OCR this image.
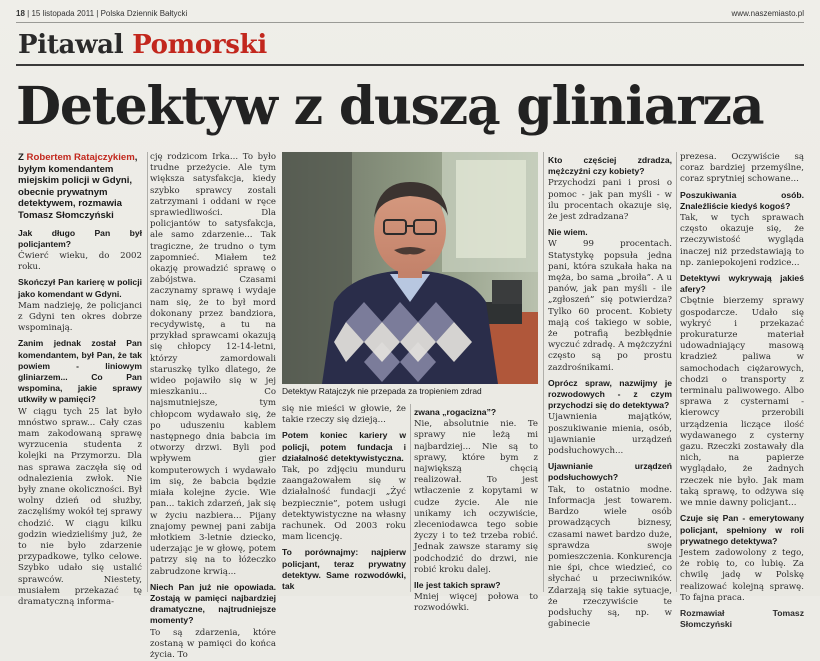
18 | 15 listopada 2011 | Polska Dziennik Bałtycki	www.naszemiasto.pl
Pitawal Pomorski
Detektyw z duszą gliniarza
Z Robertem Ratajczykiem, byłym komendantem miejskim policji w Gdyni, obecnie prywatnym detektywem, rozmawia Tomasz Słomczyński

Jak długo Pan był policjantem?

Ćwierć wieku, do 2002 roku.

Skończył Pan karierę w policji jako komendant w Gdyni.

Mam nadzieję, że policjanci z Gdyni ten okres dobrze wspominają.

Zanim jednak został Pan komendantem, był Pan, że tak powiem - liniowym gliniarzem... Co Pan wspomina, jakie sprawy utkwiły w pamięci?

W ciągu tych 25 lat było mnóstwo spraw... Cały czas mam zakodowaną sprawę wyrzucenia studenta z kolejki na Przymorzu. Dla nas sprawa zaczęła się od odnalezienia zwłok. Nie były znane okoliczności. Był wolny dzień od służby, zaczęliśmy wokół tej sprawy chodzić. W ciągu kilku godzin wiedzieliśmy już, że to nie było zdarzenie przypadkowe, tylko celowe. Szybko udało się ustalić sprawców. Niestety, musiałem przekazać tę dramatyczną informa-

cję rodzicom Irka... To było trudne przeżycie. Ale tym większa satysfakcja, kiedy szybko sprawcy zostali zatrzymani i oddani w ręce sprawiedliwości. Dla policjantów to satysfakcja, ale samo zdarzenie... Tak tragiczne, że trudno o tym zapomnieć. Miałem też okazję prowadzić sprawę o zabójstwa. Czasami zaczynamy sprawę i wydaje nam się, że to był mord dokonany przez bandziora, recydywistę, a tu na przykład sprawcami okazują się chłopcy 12-14-letni, którzy zamordowali staruszkę tylko dlatego, że wideo pojawiło się w jej mieszkaniu... Co najsmutniejsze, tym chłopcom wydawało się, że po uduszeniu kablem następnego dnia babcia im otworzy drzwi. Byli pod wpływem gier komputerowych i wydawało im się, że babcia będzie miała kolejne życie. Wie pan... takich zdarzeń, jak się w życiu nazbiera... Pijany znajomy pewnej pani zabija młotkiem 3-letnie dziecko, uderzając je w głowę, potem patrzy się na to łóżeczko zabrudzone krwią...

Niech Pan już nie opowiada. Zostają w pamięci najbardziej dramatyczne, najtrudniejsze momenty?

To są zdarzenia, które zostaną w pamięci do końca życia. To

Detektyw Ratajczyk nie przepada za tropieniem zdrad

się nie mieści w głowie, że takie rzeczy się dzieją...

Potem koniec kariery w policji, potem fundacja i działalność detektywistyczna.

Tak, po zdjęciu munduru zaangażowałem się w działalność fundacji „Żyć bezpiecznie”, potem usługi detektywistyczne na własny rachunek. Od 2003 roku mam licencję.

To porównajmy: najpierw policjant, teraz prywatny detektyw. Same rozwodówki, tak

zwana „rogacizna”?

Nie, absolutnie nie. Te sprawy nie leżą mi najbardziej... Nie są to sprawy, które bym z największą chęcią realizował. To jest wtłaczenie z kopytami w cudze życie. Ale nie unikamy ich oczywiście, zleceniodawca tego sobie życzy i to też trzeba robić. Jednak zawsze staramy się podchodzić do drzwi, nie robić kroku dalej.

Ile jest takich spraw?

Mniej więcej połowa to rozwodówki.

Kto częściej zdradza, mężczyźni czy kobiety?

Przychodzi pani i prosi o pomoc - jak pan myśli - w ilu procentach okazuje się, że jest zdradzana?

Nie wiem.

W 99 procentach. Statystykę popsuła jedna pani, która szukała haka na męża, bo sama „broiła”. A u panów, jak pan myśli - ile „zgłoszeń” się potwierdza? Tylko 60 procent. Kobiety mają coś takiego w sobie, że potrafią bezbłędnie wyczuć zdradę. A mężczyźni często są po prostu zazdrośnikami.

Oprócz spraw, nazwijmy je rozwodowych - z czym przychodzi się do detektywa?

Ujawnienia majątków, poszukiwanie mienia, osób, ujawnianie urządzeń podsłuchowych...

Ujawnianie urządzeń podsłuchowych?

Tak, to ostatnio modne. Informacja jest towarem. Bardzo wiele osób prowadzących biznesy, czasami nawet bardzo duże, sprawdza swoje pomieszczenia. Konkurencja nie śpi, chce wiedzieć, co słychać u przeciwników. Zdarzają się takie sytuacje, że rzeczywiście te podsłuchy są, np. w gabinecie

prezesa. Oczywiście są coraz bardziej przemyślne, coraz sprytniej schowane...

Poszukiwania osób. Znaleźliście kiedyś kogoś?

Tak, w tych sprawach często okazuje się, że rzeczywistość wygląda inaczej niż przedstawiają to np. zaniepokojeni rodzice...

Detektywi wykrywają jakieś afery?

Cbętnie bierzemy sprawy gospodarcze. Udało się wykryć i przekazać prokuraturze materiał udowadniający masową kradzież paliwa w samochodach ciężarowych, chodzi o transporty z terminalu paliwowego. Albo sprawa z cysternami - kierowcy przerobili urządzenia liczące ilość wydawanego z cysterny gazu. Rzeczki zostawały dla nich, na papierze wyglądało, że żadnych rzeczek nie było. Jak mam taką sprawę, to odżywa się we mnie dawny policjant...

Czuje się Pan - emerytowany policjant, spełniony w roli prywatnego detektywa?

Jestem zadowolony z tego, że robię to, co lubię. Za chwilę jadę w Polskę realizować kolejną sprawę. To fajna praca.

Rozmawiał Tomasz Słomczyński
